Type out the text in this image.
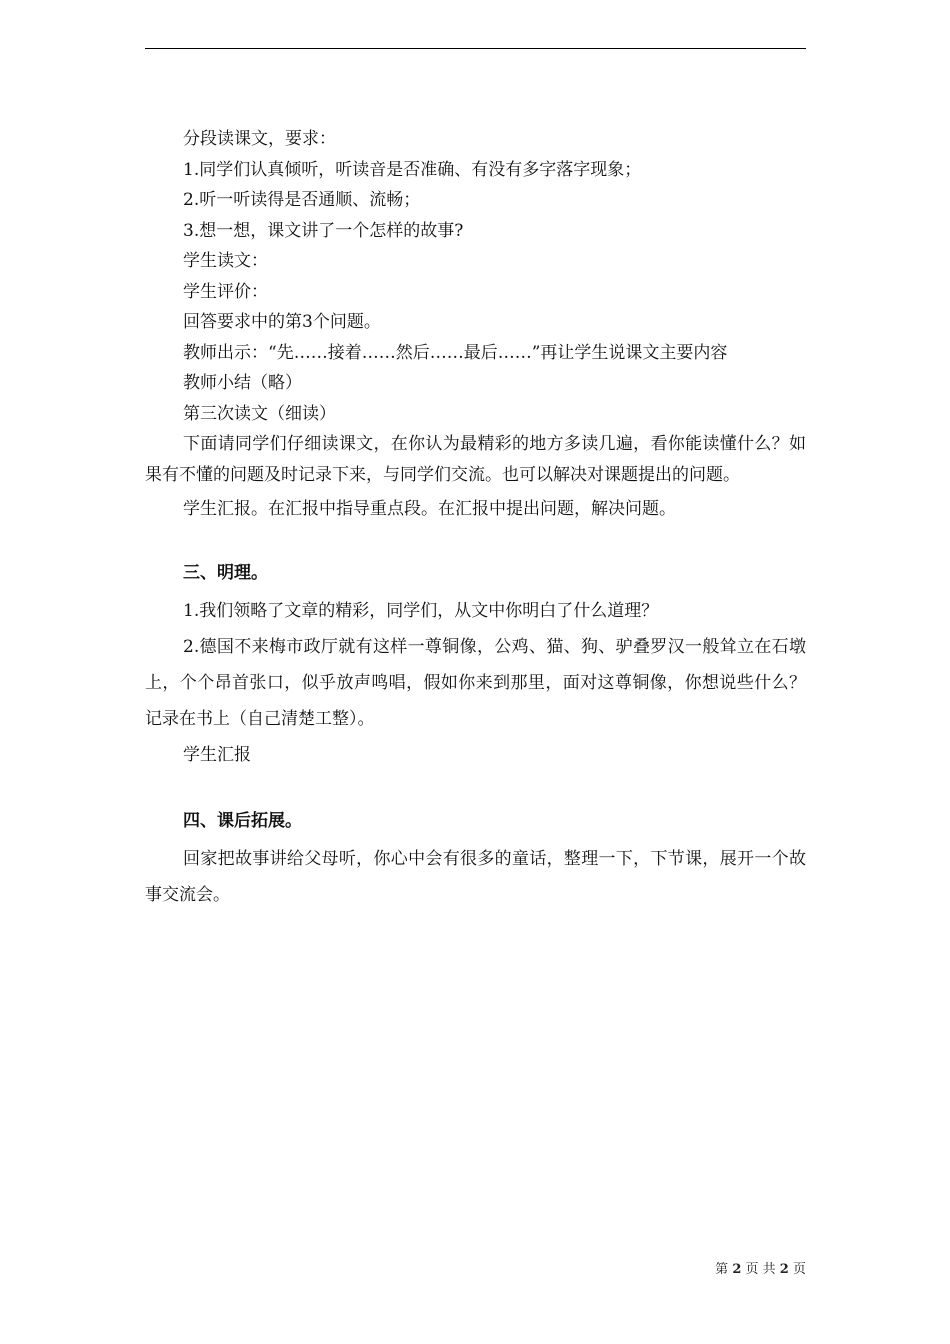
分段读课文，要求：

1.同学们认真倾听，听读音是否准确、有没有多字落字现象；

2.听一听读得是否通顺、流畅；

3.想一想，课文讲了一个怎样的故事?

学生读文：

学生评价：

回答要求中的第3个问题。

教师出示：“先……接着……然后……最后……”再让学生说课文主要内容

教师小结（略）

第三次读文（细读）

下面请同学们仔细读课文，在你认为最精彩的地方多读几遍，看你能读懂什么？如果有不懂的问题及时记录下来，与同学们交流。也可以解决对课题提出的问题。

学生汇报。在汇报中指导重点段。在汇报中提出问题，解决问题。

三、明理。

1.我们领略了文章的精彩，同学们，从文中你明白了什么道理？

2.德国不来梅市政厅就有这样一尊铜像，公鸡、猫、狗、驴叠罗汉一般耸立在石墩上，个个昂首张口，似乎放声鸣唱，假如你来到那里，面对这尊铜像，你想说些什么？记录在书上（自己清楚工整）。

学生汇报

四、课后拓展。

回家把故事讲给父母听，你心中会有很多的童话，整理一下，下节课，展开一个故事交流会。

第 2 页 共 2 页
